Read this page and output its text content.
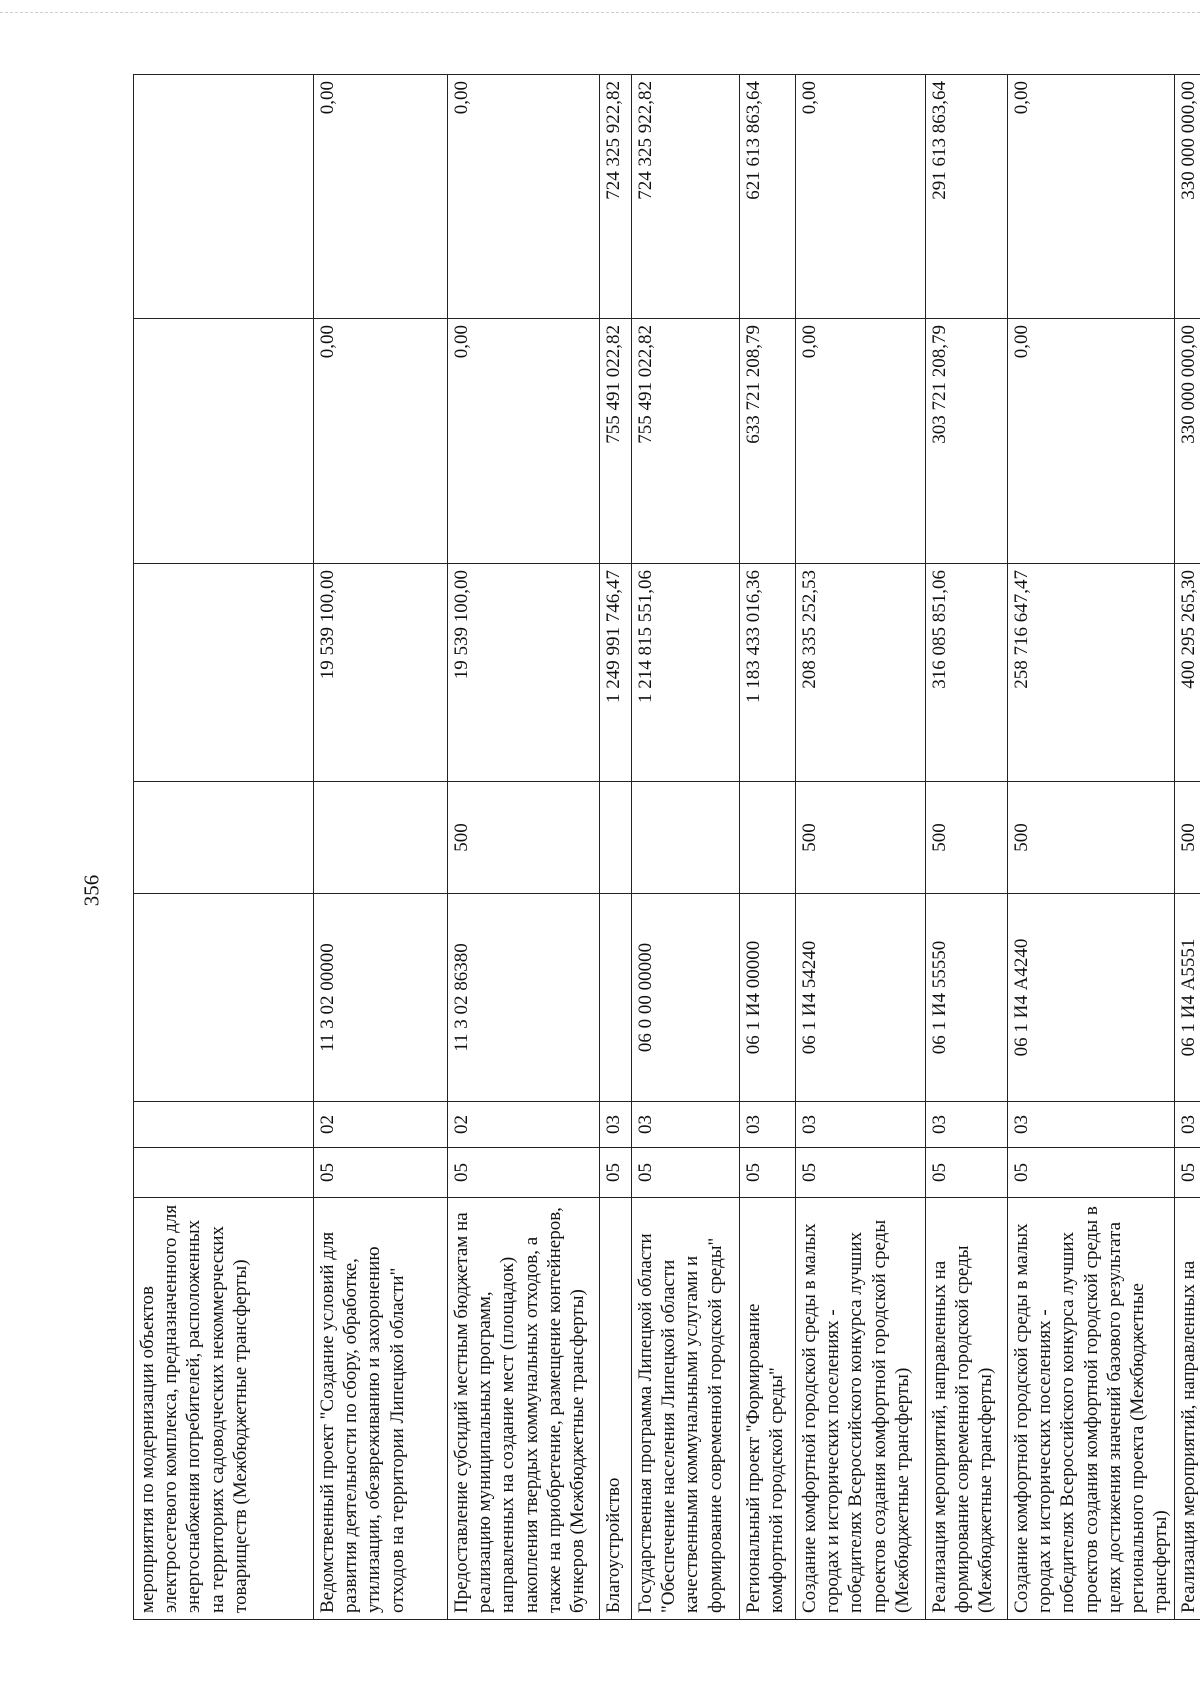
356
мероприятия по модернизации объектов электросетевого комплекса, предназначенного для энергоснабжения потребителей, расположенных на территориях садоводческих некоммерческих товариществ (Межбюджетные трансферты)							
Ведомственный проект "Создание условий для развития деятельности по сбору, обработке, утилизации, обезвреживанию и захоронению отходов на территории Липецкой области"	05	02	11 3 02 00000		19 539 100,00	0,00	0,00
Предоставление субсидий местным бюджетам на реализацию муниципальных программ, направленных на создание мест (площадок) накопления твердых коммунальных отходов, а также на приобретение, размещение контейнеров, бункеров (Межбюджетные трансферты)	05	02	11 3 02 86380	500	19 539 100,00	0,00	0,00
Благоустройство	05	03			1 249 991 746,47	755 491 022,82	724 325 922,82
Государственная программа Липецкой области "Обеспечение населения Липецкой области качественными коммунальными услугами и формирование современной городской среды"	05	03	06 0 00 00000		1 214 815 551,06	755 491 022,82	724 325 922,82
Региональный проект "Формирование комфортной городской среды"	05	03	06 1 И4 00000		1 183 433 016,36	633 721 208,79	621 613 863,64
Создание комфортной городской среды в малых городах и исторических поселениях - победителях Всероссийского конкурса лучших проектов создания комфортной городской среды (Межбюджетные трансферты)	05	03	06 1 И4 54240	500	208 335 252,53	0,00	0,00
Реализация мероприятий, направленных на формирование современной городской среды (Межбюджетные трансферты)	05	03	06 1 И4 55550	500	316 085 851,06	303 721 208,79	291 613 863,64
Создание комфортной городской среды в малых городах и исторических поселениях - победителях Всероссийского конкурса лучших проектов создания комфортной городской среды в целях достижения значений базового результата регионального проекта (Межбюджетные трансферты)	05	03	06 1 И4 А4240	500	258 716 647,47	0,00	0,00
Реализация мероприятий, направленных на	05	03	06 1 И4 А5551	500	400 295 265,30	330 000 000,00	330 000 000,00
